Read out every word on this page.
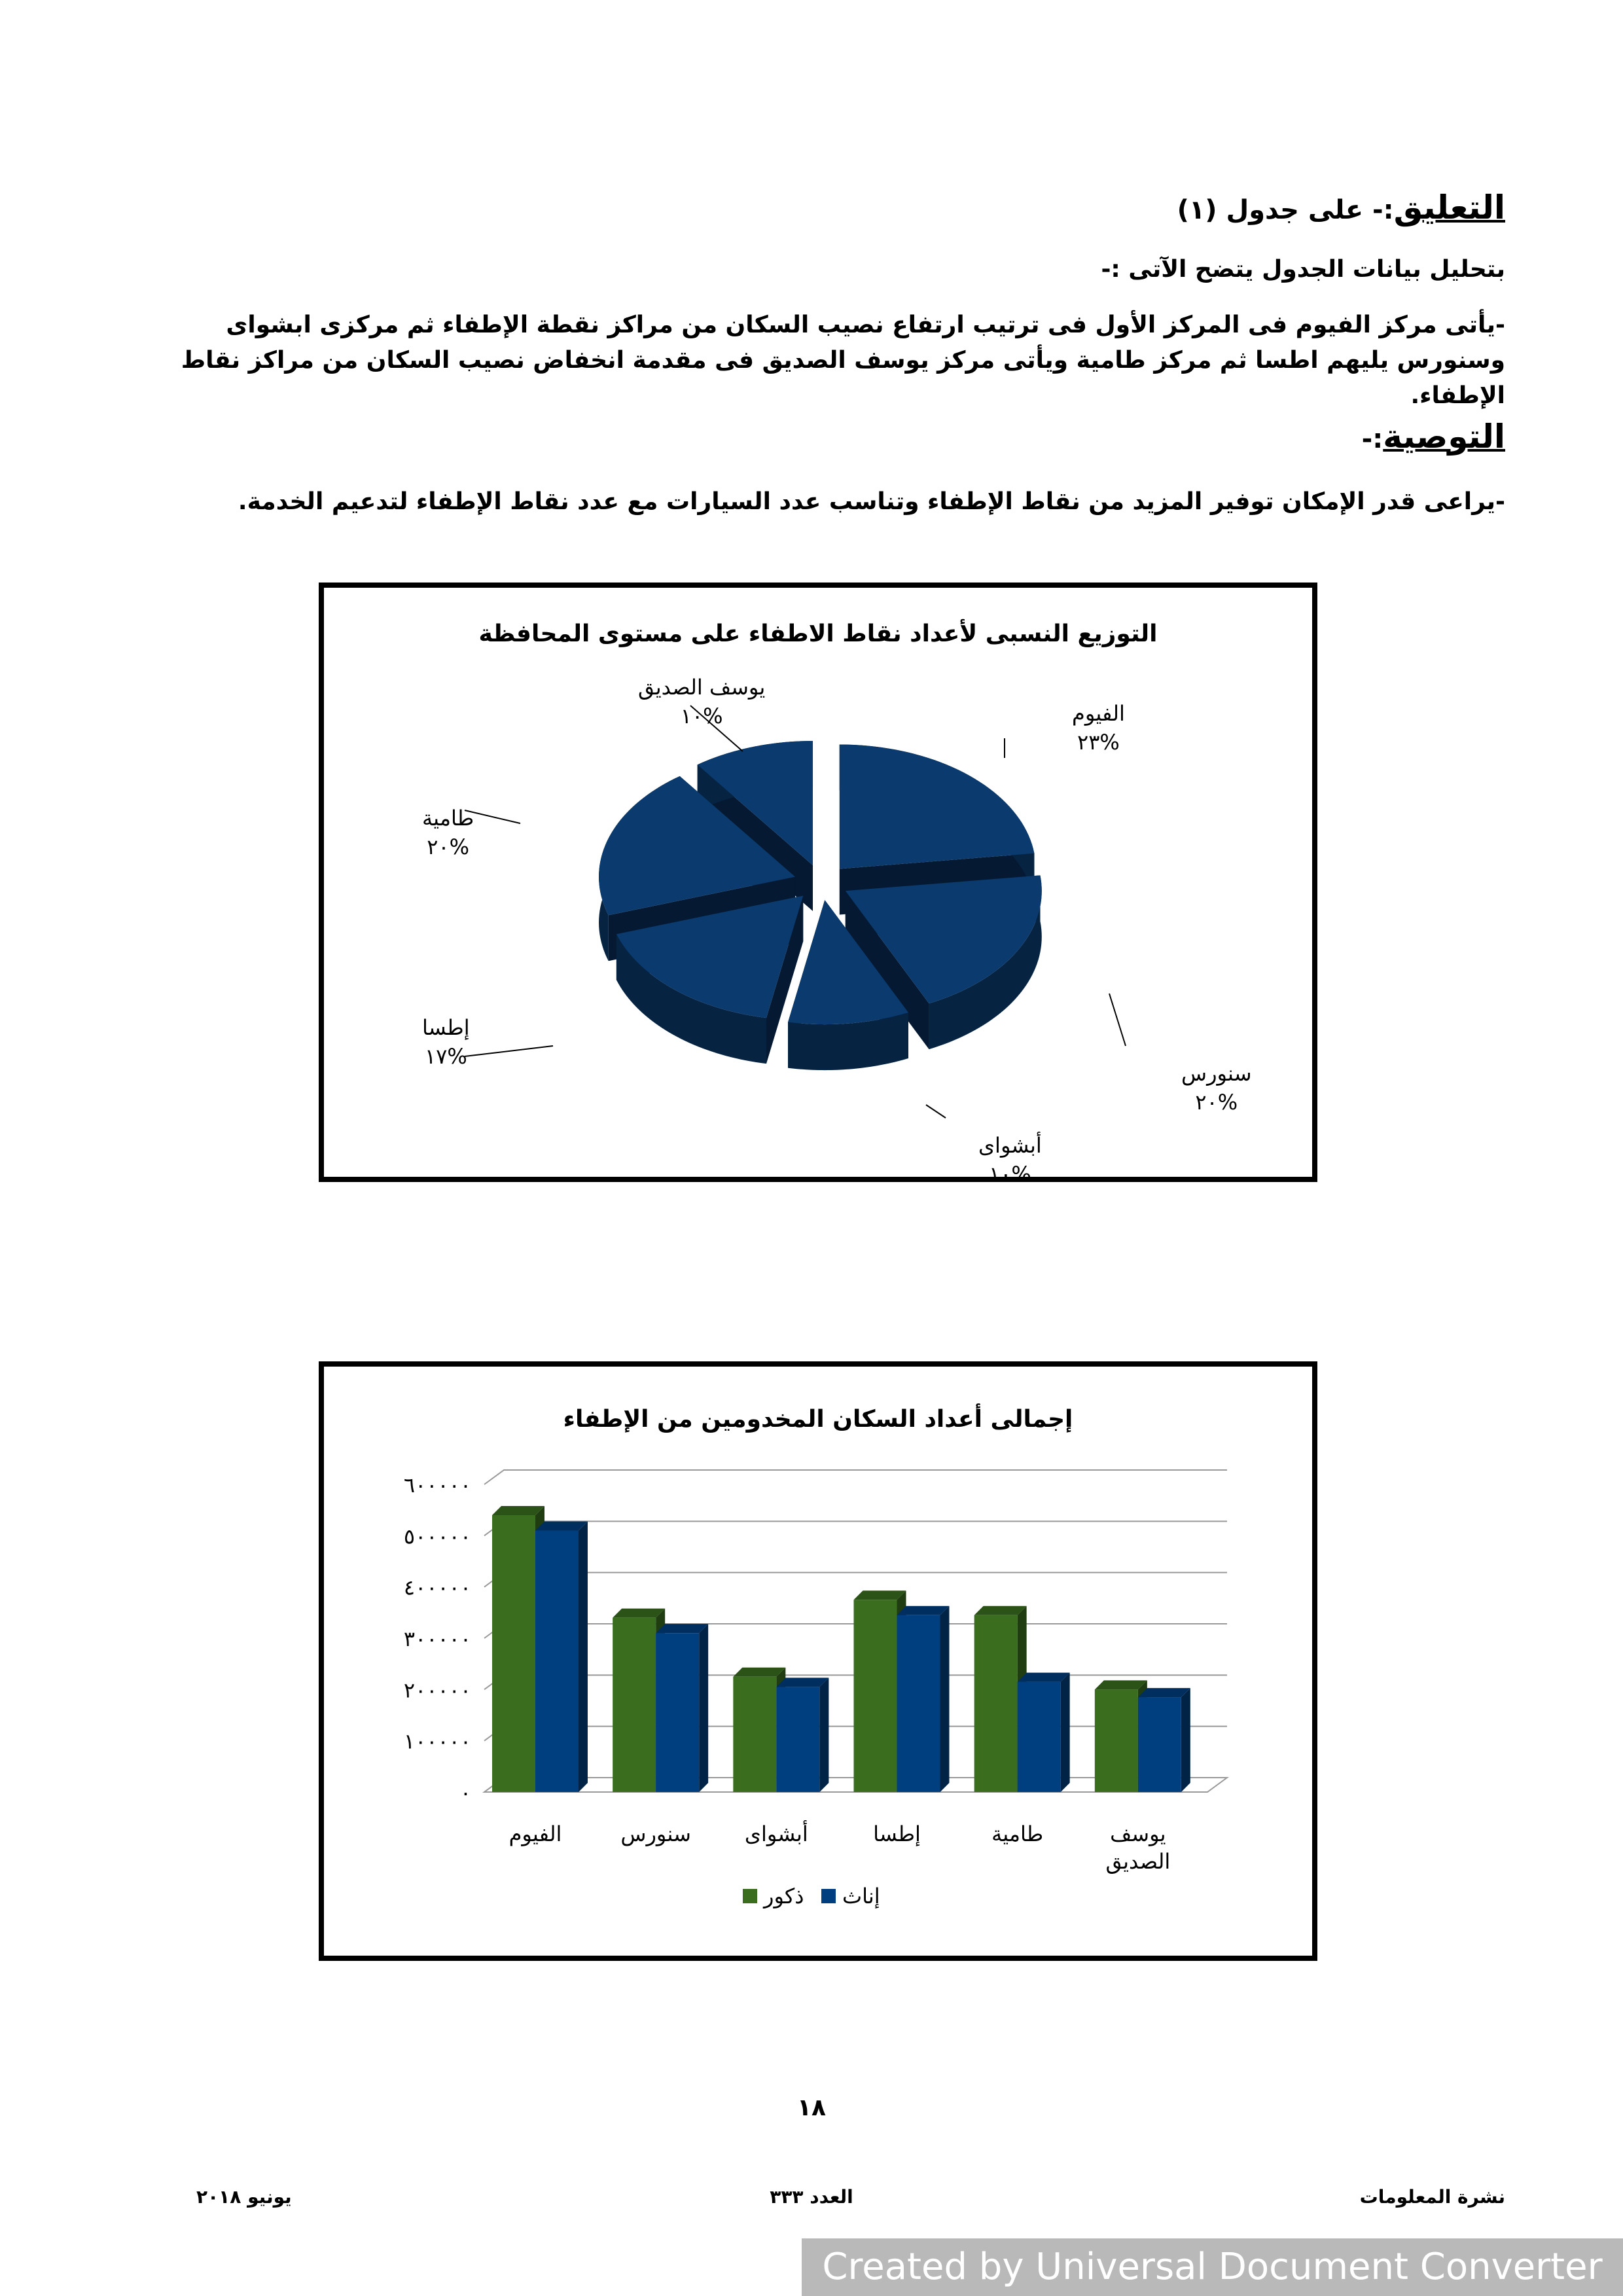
التعليق:- على جدول (١)
بتحليل بيانات الجدول يتضح الآتى :-
-يأتى مركز الفيوم فى المركز الأول فى ترتيب ارتفاع نصيب السكان من مراكز نقطة الإطفاء ثم مركزى ابشواى وسنورس يليهم اطسا ثم مركز طامية ويأتى مركز يوسف الصديق فى مقدمة انخفاض نصيب السكان من مراكز نقاط الإطفاء.
التوصية:-
-يراعى قدر الإمكان توفير المزيد من نقاط الإطفاء وتناسب عدد السيارات مع عدد نقاط الإطفاء لتدعيم الخدمة.
التوزيع النسبى لأعداد نقاط الاطفاء على مستوى المحافظة
الفيوم
%٢٣
سنورس
%٢٠
أبشواى
%١٠
إطسا
%١٧
طامية
%٢٠
يوسف الصديق
%١٠
إجمالى أعداد السكان المخدومين من الإطفاء
٠
١٠٠٠٠٠
٢٠٠٠٠٠
٣٠٠٠٠٠
٤٠٠٠٠٠
٥٠٠٠٠٠
٦٠٠٠٠٠
الفيوم	سنورس	أبشواى	إطسا	طامية	يوسف
الصديق
ذكور إناث
١٨
نشرة المعلومات
العدد ٣٣٣
يونيو ٢٠١٨
Created by Universal Document Converter
